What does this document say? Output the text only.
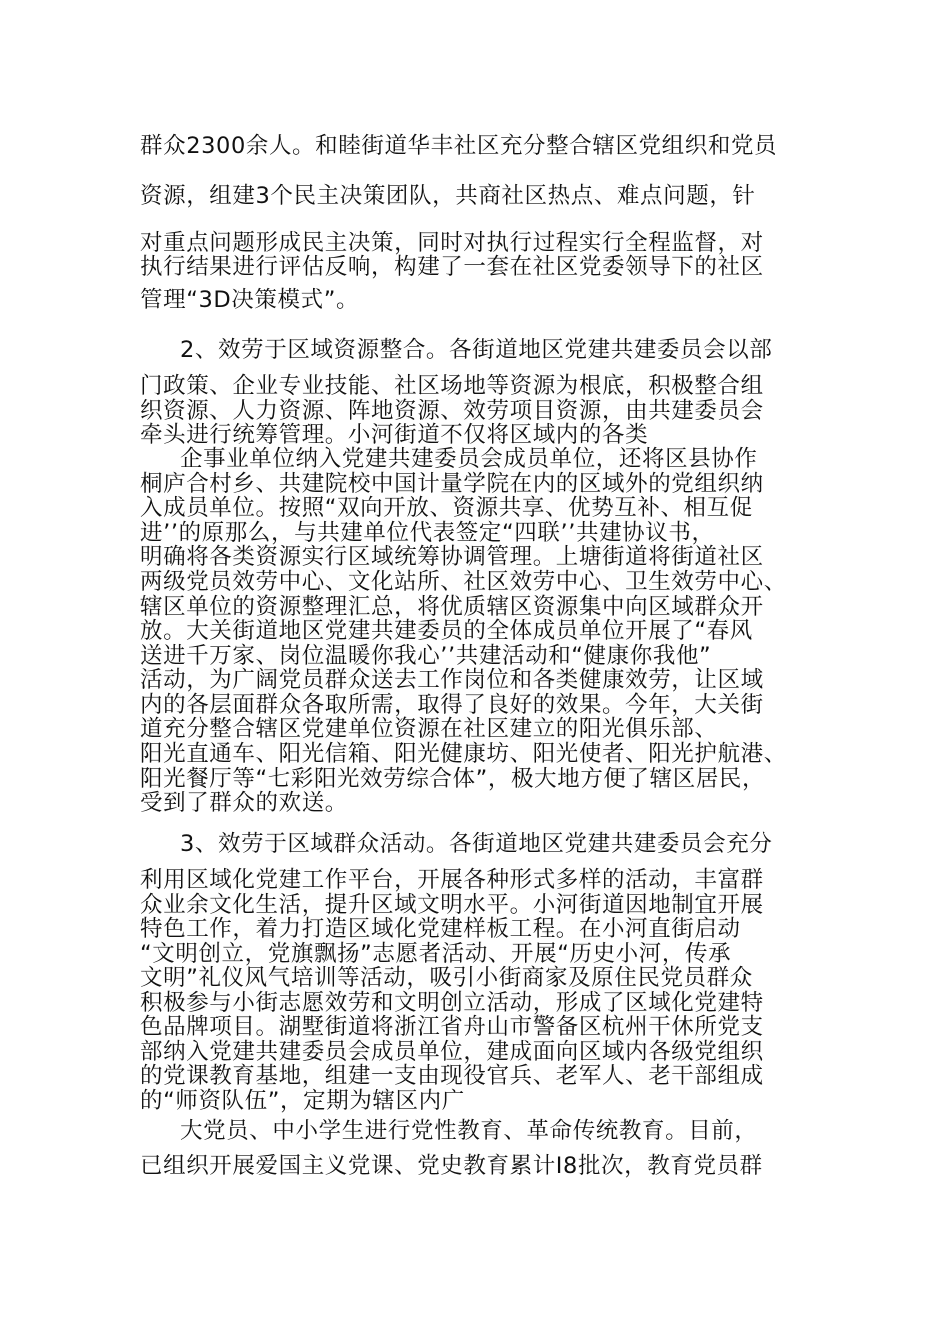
群众2300余人。和睦街道华丰社区充分整合辖区党组织和党员
资源，组建3个民主决策团队，共商社区热点、难点问题，针
对重点问题形成民主决策，同时对执行过程实行全程监督，对
执行结果进行评估反响，构建了一套在社区党委领导下的社区
管理“3D决策模式”。
2、效劳于区域资源整合。各街道地区党建共建委员会以部
门政策、企业专业技能、社区场地等资源为根底，积极整合组
织资源、人力资源、阵地资源、效劳项目资源，由共建委员会
牵头进行统筹管理。小河街道不仅将区域内的各类
企事业单位纳入党建共建委员会成员单位，还将区县协作
桐庐合村乡、共建院校中国计量学院在内的区域外的党组织纳
入成员单位。按照“双向开放、资源共享、优势互补、相互促
进’’的原那么，与共建单位代表签定“四联’’共建协议书，
明确将各类资源实行区域统筹协调管理。上塘街道将街道社区
两级党员效劳中心、文化站所、社区效劳中心、卫生效劳中心、
辖区单位的资源整理汇总，将优质辖区资源集中向区域群众开
放。大关街道地区党建共建委员的全体成员单位开展了“春风
送进千万家、岗位温暖你我心’’共建活动和“健康你我他”
活动，为广阔党员群众送去工作岗位和各类健康效劳，让区域
内的各层面群众各取所需，取得了良好的效果。今年，大关街
道充分整合辖区党建单位资源在社区建立的阳光俱乐部、
阳光直通车、阳光信箱、阳光健康坊、阳光使者、阳光护航港、
阳光餐厅等“七彩阳光效劳综合体”，极大地方便了辖区居民，
受到了群众的欢送。
3、效劳于区域群众活动。各街道地区党建共建委员会充分
利用区域化党建工作平台，开展各种形式多样的活动，丰富群
众业余文化生活，提升区域文明水平。小河街道因地制宜开展
特色工作，着力打造区域化党建样板工程。在小河直街启动
“文明创立，党旗飘扬”志愿者活动、开展“历史小河，传承
文明”礼仪风气培训等活动，吸引小街商家及原住民党员群众
积极参与小街志愿效劳和文明创立活动，形成了区域化党建特
色品牌项目。湖墅街道将浙江省舟山市警备区杭州干休所党支
部纳入党建共建委员会成员单位，建成面向区域内各级党组织
的党课教育基地，组建一支由现役官兵、老军人、老干部组成
的“师资队伍”，定期为辖区内广
大党员、中小学生进行党性教育、革命传统教育。目前，
已组织开展爱国主义党课、党史教育累计I8批次，教育党员群
